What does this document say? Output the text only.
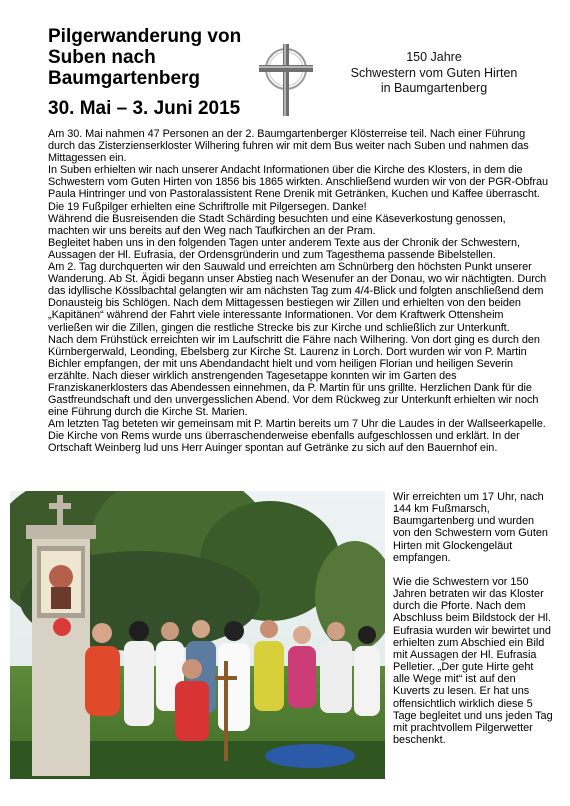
Pilgerwanderung von
Suben nach
Baumgartenberg
30. Mai – 3. Juni 2015
150 Jahre
Schwestern vom Guten Hirten
in Baumgartenberg

Am 30. Mai nahmen 47 Personen an der 2. Baumgartenberger Klösterreise teil. Nach einer Führung durch das Zisterzienserkloster Wilhering fuhren wir mit dem Bus weiter nach Suben und nahmen das Mittagessen ein.

In Suben erhielten wir nach unserer Andacht Informationen über die Kirche des Klosters, in dem die Schwestern vom Guten Hirten von 1856 bis 1865 wirkten. Anschließend wurden wir von der PGR-Obfrau Paula Hintringer und von Pastoralassistent Rene Drenik mit Getränken, Kuchen und Kaffee überrascht. Die 19 Fußpilger erhielten eine Schriftrolle mit Pilgersegen. Danke!

Während die Busreisenden die Stadt Schärding besuchten und eine Käseverkostung genossen, machten wir uns bereits auf den Weg nach Taufkirchen an der Pram.

Begleitet haben uns in den folgenden Tagen unter anderem Texte aus der Chronik der Schwestern, Aussagen der Hl. Eufrasia, der Ordensgründerin und zum Tagesthema passende Bibelstellen.

Am 2. Tag durchquerten wir den Sauwald und erreichten am Schnürberg den höchsten Punkt unserer Wanderung. Ab St. Ägidi begann unser Abstieg nach Wesenufer an der Donau, wo wir nächtigten. Durch das idyllische Kösslbachtal gelangten wir am nächsten Tag zum 4/4-Blick und folgten anschließend dem Donausteig bis Schlögen. Nach dem Mittagessen bestiegen wir Zillen und erhielten von den beiden „Kapitänen“ während der Fahrt viele interessante Informationen. Vor dem Kraftwerk Ottensheim verließen wir die Zillen, gingen die restliche Strecke bis zur Kirche und schließlich zur Unterkunft.

Nach dem Frühstück erreichten wir im Laufschritt die Fähre nach Wilhering. Von dort ging es durch den Kürnbergerwald, Leonding, Ebelsberg zur Kirche St. Laurenz in Lorch. Dort wurden wir von P. Martin Bichler empfangen, der mit uns Abendandacht hielt und vom heiligen Florian und heiligen Severin erzählte. Nach dieser wirklich anstrengenden Tagesetappe konnten wir im Garten des Franziskanerklosters das Abendessen einnehmen, da P. Martin für uns grillte. Herzlichen Dank für die Gastfreundschaft und den unvergesslichen Abend. Vor dem Rückweg zur Unterkunft erhielten wir noch eine Führung durch die Kirche St. Marien.

Am letzten Tag beteten wir gemeinsam mit P. Martin bereits um 7 Uhr die Laudes in der Wallseerkapelle. Die Kirche von Rems wurde uns überraschenderweise ebenfalls aufgeschlossen und erklärt. In der Ortschaft Weinberg lud uns Herr Auinger spontan auf Getränke zu sich auf den Bauernhof ein.

Wir erreichten um 17 Uhr, nach 144 km Fußmarsch, Baumgartenberg und wurden von den Schwestern vom Guten Hirten mit Glockengeläut empfangen.

Wie die Schwestern vor 150 Jahren betraten wir das Kloster durch die Pforte. Nach dem Abschluss beim Bildstock der Hl. Eufrasia wurden wir bewirtet und erhielten zum Abschied ein Bild mit Aussagen der Hl. Eufrasia Pelletier. „Der gute Hirte geht alle Wege mit“ ist auf den Kuverts zu lesen. Er hat uns offensichtlich wirklich diese 5 Tage begleitet und uns jeden Tag mit prachtvollem Pilgerwetter beschenkt.
